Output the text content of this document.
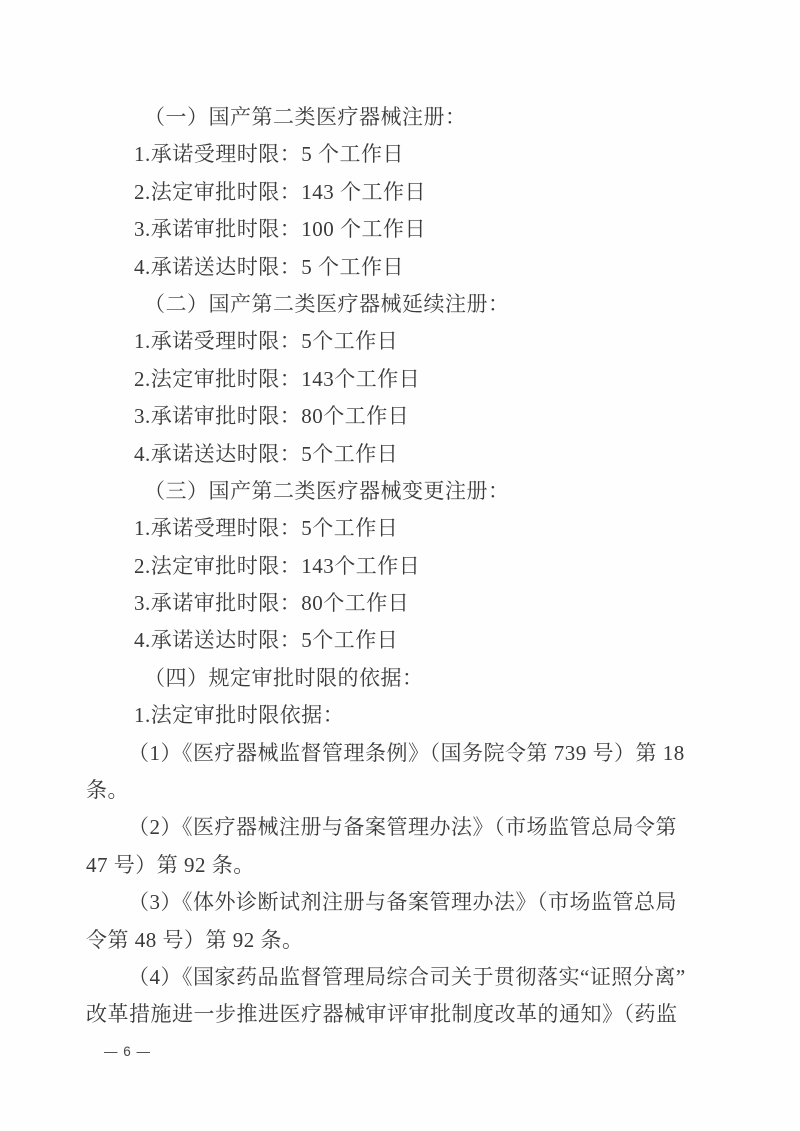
（一）国产第二类医疗器械注册：
1.承诺受理时限：5 个工作日
2.法定审批时限：143 个工作日
3.承诺审批时限：100 个工作日
4.承诺送达时限：5 个工作日
（二）国产第二类医疗器械延续注册：
1.承诺受理时限：5个工作日
2.法定审批时限：143个工作日
3.承诺审批时限：80个工作日
4.承诺送达时限：5个工作日
（三）国产第二类医疗器械变更注册：
1.承诺受理时限：5个工作日
2.法定审批时限：143个工作日
3.承诺审批时限：80个工作日
4.承诺送达时限：5个工作日
（四）规定审批时限的依据：
1.法定审批时限依据：
（1）《医疗器械监督管理条例》（国务院令第 739 号）第 18
条。
（2）《医疗器械注册与备案管理办法》（市场监管总局令第
47 号）第 92 条。
（3）《体外诊断试剂注册与备案管理办法》（市场监管总局
令第 48 号）第 92 条。
（4）《国家药品监督管理局综合司关于贯彻落实“证照分离”
改革措施进一步推进医疗器械审评审批制度改革的通知》（药监
— 6 —
